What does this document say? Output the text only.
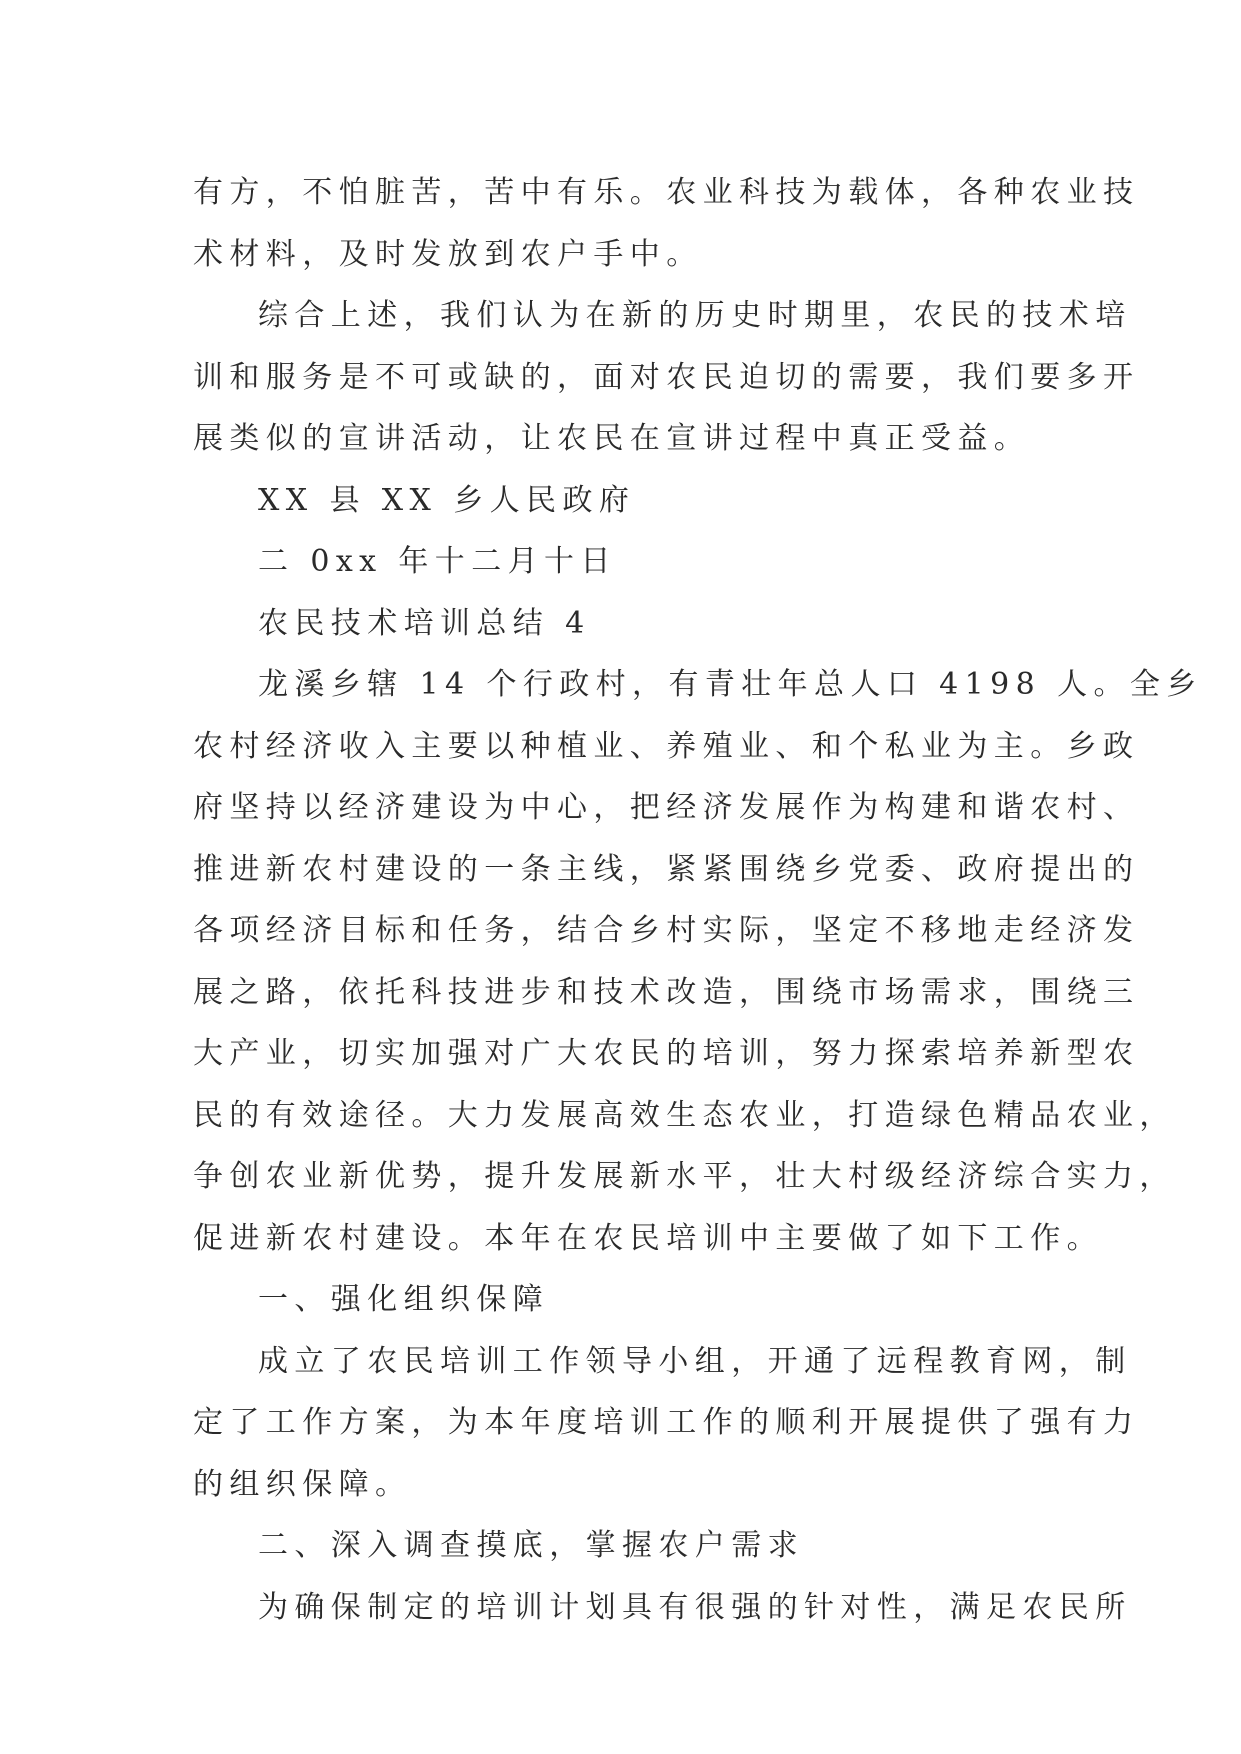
有方，不怕脏苦，苦中有乐。农业科技为载体，各种农业技
术材料，及时发放到农户手中。
综合上述，我们认为在新的历史时期里，农民的技术培
训和服务是不可或缺的，面对农民迫切的需要，我们要多开
展类似的宣讲活动，让农民在宣讲过程中真正受益。
XX 县 XX 乡人民政府
二 0xx 年十二月十日
农民技术培训总结 4
龙溪乡辖 14 个行政村，有青壮年总人口 4198 人。全乡
农村经济收入主要以种植业、养殖业、和个私业为主。乡政
府坚持以经济建设为中心，把经济发展作为构建和谐农村、
推进新农村建设的一条主线，紧紧围绕乡党委、政府提出的
各项经济目标和任务，结合乡村实际，坚定不移地走经济发
展之路，依托科技进步和技术改造，围绕市场需求，围绕三
大产业，切实加强对广大农民的培训，努力探索培养新型农
民的有效途径。大力发展高效生态农业，打造绿色精品农业，
争创农业新优势，提升发展新水平，壮大村级经济综合实力，
促进新农村建设。本年在农民培训中主要做了如下工作。
一、强化组织保障
成立了农民培训工作领导小组，开通了远程教育网，制
定了工作方案，为本年度培训工作的顺利开展提供了强有力
的组织保障。
二、深入调查摸底，掌握农户需求
为确保制定的培训计划具有很强的针对性，满足农民所
